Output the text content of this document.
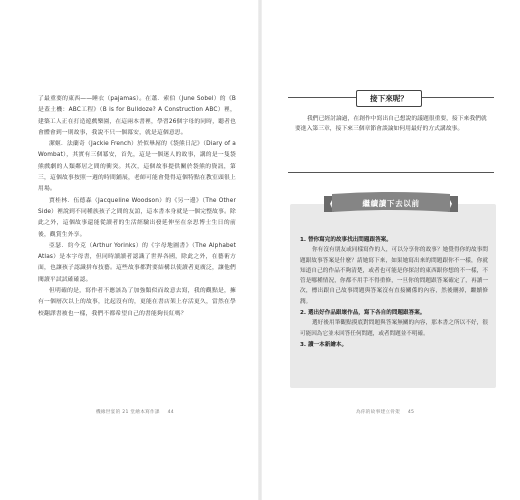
了最重要的東西——睡衣（pajamas）。在蕭．索伯（June Sobel）的《B是蓋土機：ABC工程》（B is for Bulldoze? A Construction ABC）裡，建築工人正在打造遊戲樂園，在這兩本書裡，學習26個字母的同時，聽者也會體會到一則故事，我說不只一個冪安，就是這個意思。

潔姬．法蘭奇（Jackie French）於似畢屌的《袋熊日記》（Diary of a Wombat），其實有三個冪安，首先，這是一個迷人的故事，講的是一隻袋熊戲劇的人類鄰居之間的衝突。其次，這個故事提供關於袋熊的資訊，第三，這個故事按照一週的時間鋪展，老師可能會覺得這個特點在教室頭很上用場。

賈桂林．伍德森（Jacqueline Woodson）的《另一邊》（The Other Side）裡說到不同種族孩子之間的友誼，這本書本身就是一個完整故事。除此之外，這個故事還能從讀者的生活經驗出發延伸至在奈思博士生日的前後，觀賞生外享。

亞瑟．約今克（Arthur Yorinks）的《字母地圖書》（The Alphabet Atlas）是本字母書，但同時讀讀者認識了世界各國，除此之外，在藝術方面，也讓孩子認識拼布技藝。這些故事都對要結構以使讀者更廣泛，讓他們閱讀平試試確確認。

但明確的是，寫作者不應該為了加強類似而故意去寫，我的觀點是，擁有一個層次以上的故事，比起沒有的，更能在書店架上存活更久，當然在學校翻譯書被也一樣，我們不都希望自己的書能夠長紅嗎？

機緣世宴的 21 堂繪本寫作課 44
接下來呢？

我們已經討論過，在創作中寫出自己想說的議題很重要，接下來我們就要進入第三章，接下來三個章節會談論如何用最好的方式講故事。

繼續讀下去以前

1. 替你寫完的故事找出問題跟答案。

你有沒有朋友或同樣寫作的人，可以分享你的故事？她覺得你的故事問題跟故事答案是什麼？請她寫下來，如果她寫出來的問題跟你不一樣，你就知道自己的作品不夠清楚，或者也可能是你探討的東西跟你想的不一樣，不管是哪種情況，你都不用手不得重修，一旦你的問題跟答案確定了，再讀一次，標出跟自己故事問題與答案沒有直接關係的內容，然後刪掉，繼續修潤。

2. 選出好作品跟壞作品，寫下各自的問題跟答案。

選好後用筆觀點摸底對問題與答案無關的內容，那本書之所以不好，很可能因為它並未回答任何問題，或者問題並不明確。

3. 讀一本新繪本。

為你的故事建立骨架 45
